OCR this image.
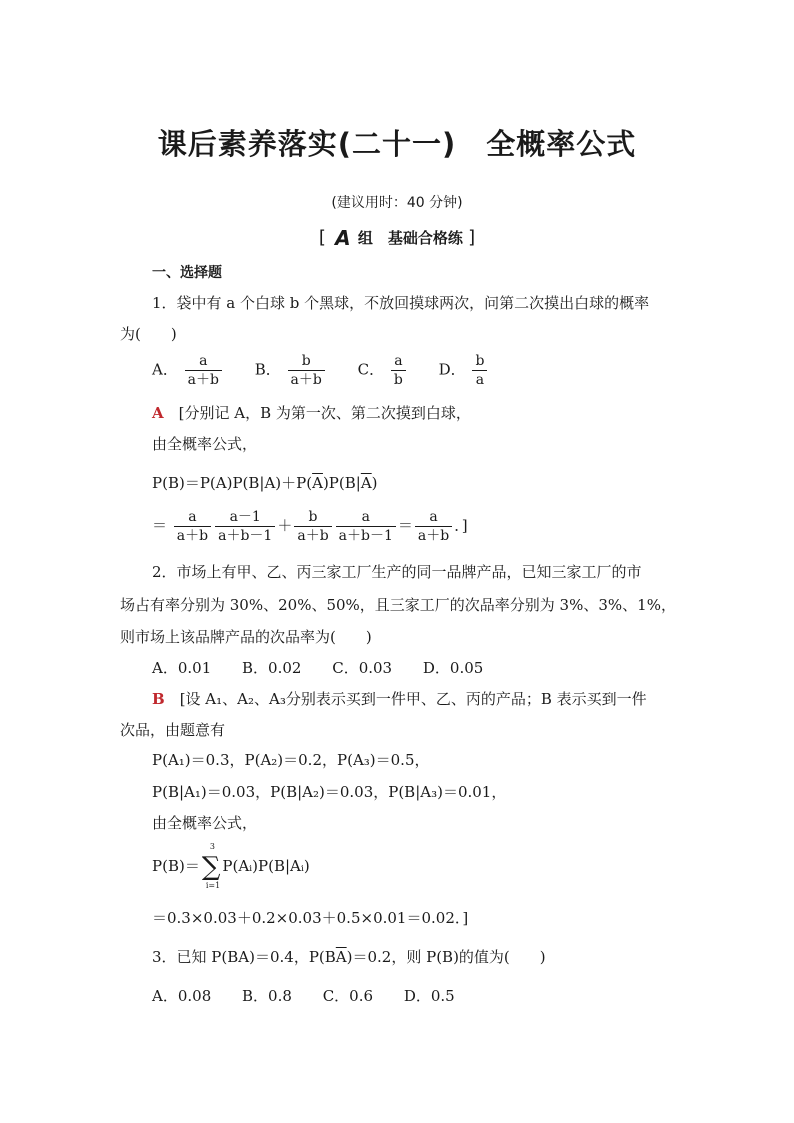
课后素养落实(二十一)　全概率公式
(建议用时：40 分钟)
[ A 组　基础合格练 ]
一、选择题
1．袋中有 a 个白球 b 个黑球，不放回摸球两次，问第二次摸出白球的概率
为(　　)
A． $\frac{a}{a+b}$ B． $\frac{b}{a+b}$ C． $\frac{a}{b}$ D． $\frac{b}{a}$
A　[分别记 A，B 为第一次、第二次摸到白球，
由全概率公式，
$P(B)=P(A)P(B|A)+P(\overline{A})P(B|\overline{A})$
＝ $\frac{a}{a+b} \frac{a-1}{a+b-1} + \frac{b}{a+b} \frac{a}{a+b-1} = \frac{a}{a+b}$ ．]
2．市场上有甲、乙、丙三家工厂生产的同一品牌产品，已知三家工厂的市
场占有率分别为 30%、20%、50%，且三家工厂的次品率分别为 3%、3%、1%，
则市场上该品牌产品的次品率为(　　)
A．0.01 B．0.02 C．0.03 D．0.05
B　[设 A₁、A₂、A₃分别表示买到一件甲、乙、丙的产品；B 表示买到一件
次品，由题意有
P(A₁)＝0.3，P(A₂)＝0.2，P(A₃)＝0.5，
P(B|A₁)＝0.03，P(B|A₂)＝0.03，P(B|A₃)＝0.01，
由全概率公式，
P(B)＝∑
3
i=1
P(Aᵢ)P(B|Aᵢ)
＝0.3×0.03＋0.2×0.03＋0.5×0.01＝0.02．]
3．已知 P(BA)＝0.4，$P(B\overline{A})=0.2$，则 P(B)的值为(　　)
A．0.08 B．0.8 C．0.6 D．0.5
